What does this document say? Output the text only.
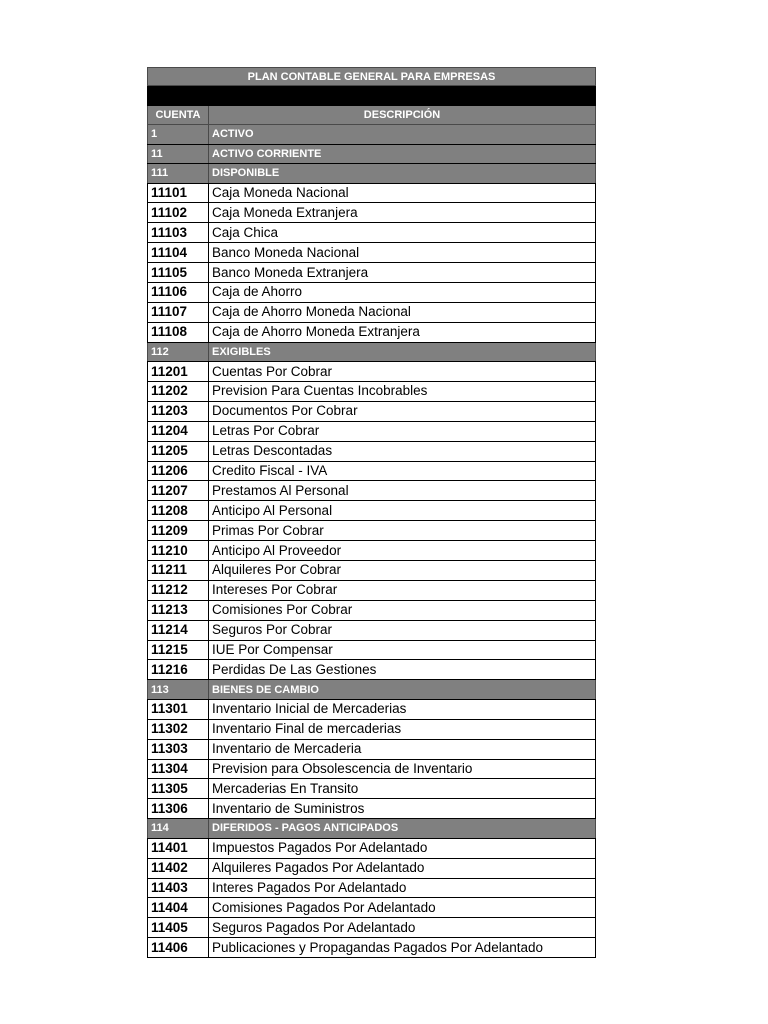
PLAN CONTABLE GENERAL PARA EMPRESAS	

CUENTA	DESCRIPCIÓN
1	ACTIVO
11	ACTIVO CORRIENTE
111	DISPONIBLE
11101	Caja Moneda Nacional
11102	Caja Moneda Extranjera
11103	Caja Chica
11104	Banco Moneda Nacional
11105	Banco Moneda Extranjera
11106	Caja de Ahorro
11107	Caja de Ahorro Moneda Nacional
11108	Caja de Ahorro Moneda Extranjera
112	EXIGIBLES
11201	Cuentas Por Cobrar
11202	Prevision Para Cuentas Incobrables
11203	Documentos Por Cobrar
11204	Letras Por Cobrar
11205	Letras Descontadas
11206	Credito Fiscal - IVA
11207	Prestamos Al Personal
11208	Anticipo Al Personal
11209	Primas Por Cobrar
11210	Anticipo Al Proveedor
11211	Alquileres Por Cobrar
11212	Intereses Por Cobrar
11213	Comisiones Por Cobrar
11214	Seguros Por Cobrar
11215	IUE Por Compensar
11216	Perdidas De Las Gestiones
113	BIENES DE CAMBIO
11301	Inventario Inicial de Mercaderias
11302	Inventario Final de mercaderias
11303	Inventario de Mercaderia
11304	Prevision para Obsolescencia de Inventario
11305	Mercaderias En Transito
11306	Inventario de Suministros
114	DIFERIDOS - PAGOS ANTICIPADOS
11401	Impuestos Pagados Por Adelantado
11402	Alquileres Pagados Por Adelantado
11403	Interes Pagados Por Adelantado
11404	Comisiones Pagados Por Adelantado
11405	Seguros Pagados Por Adelantado
11406	Publicaciones y Propagandas Pagados Por Adelantado
